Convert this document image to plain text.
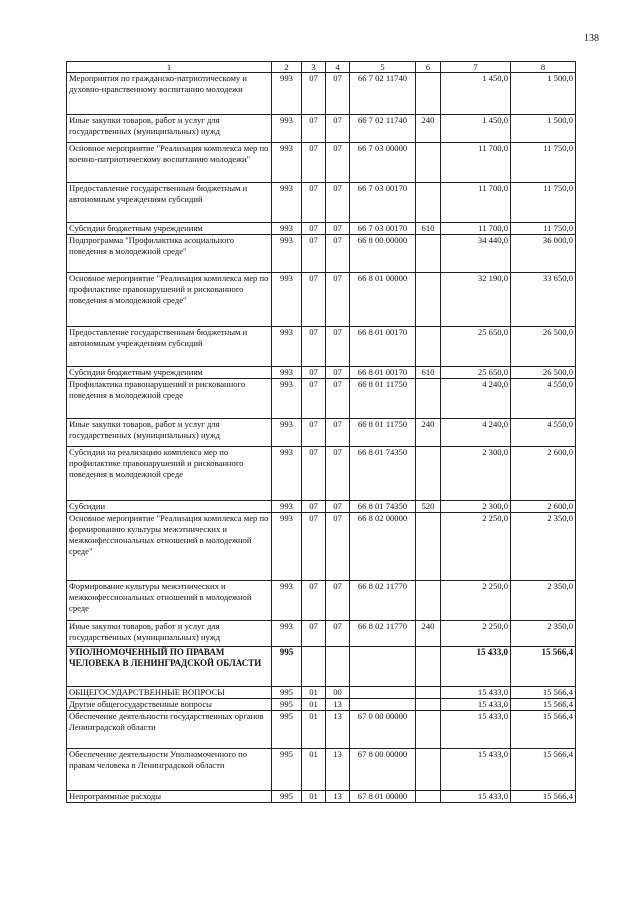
138
1	2	3	4	5	6	7	8
Мероприятия по гражданско-патриотическому и духовно-нравственному воспитанию молодежи	993	07	07	66 7 02 11740		1 450,0	1 500,0
Иные закупки товаров, работ и услуг для государственных (муниципальных) нужд	993	07	07	66 7 02 11740	240	1 450,0	1 500,0
Основное мероприятие "Реализация комплекса мер по военно-патриотическому воспитанию молодежи"	993	07	07	66 7 03 00000		11 700,0	11 750,0
Предоставление государственным бюджетным и автономным учреждениям субсидий	993	07	07	66 7 03 00170		11 700,0	11 750,0
Субсидии бюджетным учреждениям	993	07	07	66 7 03 00170	610	11 700,0	11 750,0
Подпрограмма "Профилактика асоциального поведения в молодежной среде"	993	07	07	66 8 00 00000		34 440,0	36 000,0
Основное мероприятие "Реализация комплекса мер по профилактике правонарушений и рискованного поведения в молодежной среде"	993	07	07	66 8 01 00000		32 190,0	33 650,0
Предоставление государственным бюджетным и автономным учреждениям субсидий	993	07	07	66 8 01 00170		25 650,0	26 500,0
Субсидии бюджетным учреждениям	993	07	07	66 8 01 00170	610	25 650,0	26 500,0
Профилактика правонарушений и рискованного поведения в молодежной среде	993	07	07	66 8 01 11750		4 240,0	4 550,0
Иные закупки товаров, работ и услуг для государственных (муниципальных) нужд	993	07	07	66 8 01 11750	240	4 240,0	4 550,0
Субсидии на реализацию комплекса мер по профилактике правонарушений и рискованного поведения в молодежной среде	993	07	07	66 8 01 74350		2 300,0	2 600,0
Субсидии	993	07	07	66 8 01 74350	520	2 300,0	2 600,0
Основное мероприятие "Реализация комплекса мер по формированию культуры межэтнических и межконфессиональных отношений в молодежной среде"	993	07	07	66 8 02 00000		2 250,0	2 350,0
Формирование культуры межэтнических и межконфессиональных отношений в молодежной среде	993	07	07	66 8 02 11770		2 250,0	2 350,0
Иные закупки товаров, работ и услуг для государственных (муниципальных) нужд	993	07	07	66 8 02 11770	240	2 250,0	2 350,0
УПОЛНОМОЧЕННЫЙ ПО ПРАВАМ ЧЕЛОВЕКА В ЛЕНИНГРАДСКОЙ ОБЛАСТИ	995					15 433,0	15 566,4
ОБЩЕГОСУДАРСТВЕННЫЕ ВОПРОСЫ	995	01	00			15 433,0	15 566,4
Другие общегосударственные вопросы	995	01	13			15 433,0	15 566,4
Обеспечение деятельности государственных органов Ленинградской области	995	01	13	67 0 00 00000		15 433,0	15 566,4
Обеспечение деятельности Уполномоченного по правам человека в Ленинградской области	995	01	13	67 8 00 00000		15 433,0	15 566,4
Непрограммные расходы	995	01	13	67 8 01 00000		15 433,0	15 566,4
